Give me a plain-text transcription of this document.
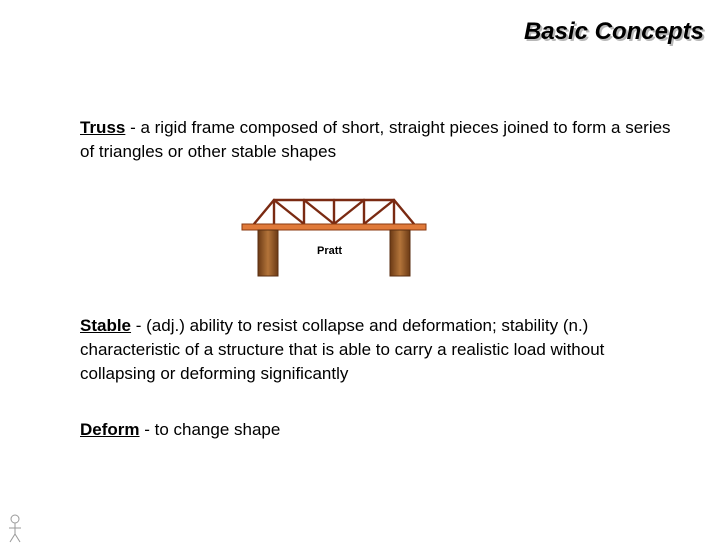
Basic Concepts

Truss - a rigid frame composed of short, straight pieces joined to form a series of triangles or other stable shapes

Pratt

Stable - (adj.) ability to resist collapse and deformation; stability (n.) characteristic of a structure that is able to carry a realistic load without collapsing or deforming significantly

Deform - to change shape
